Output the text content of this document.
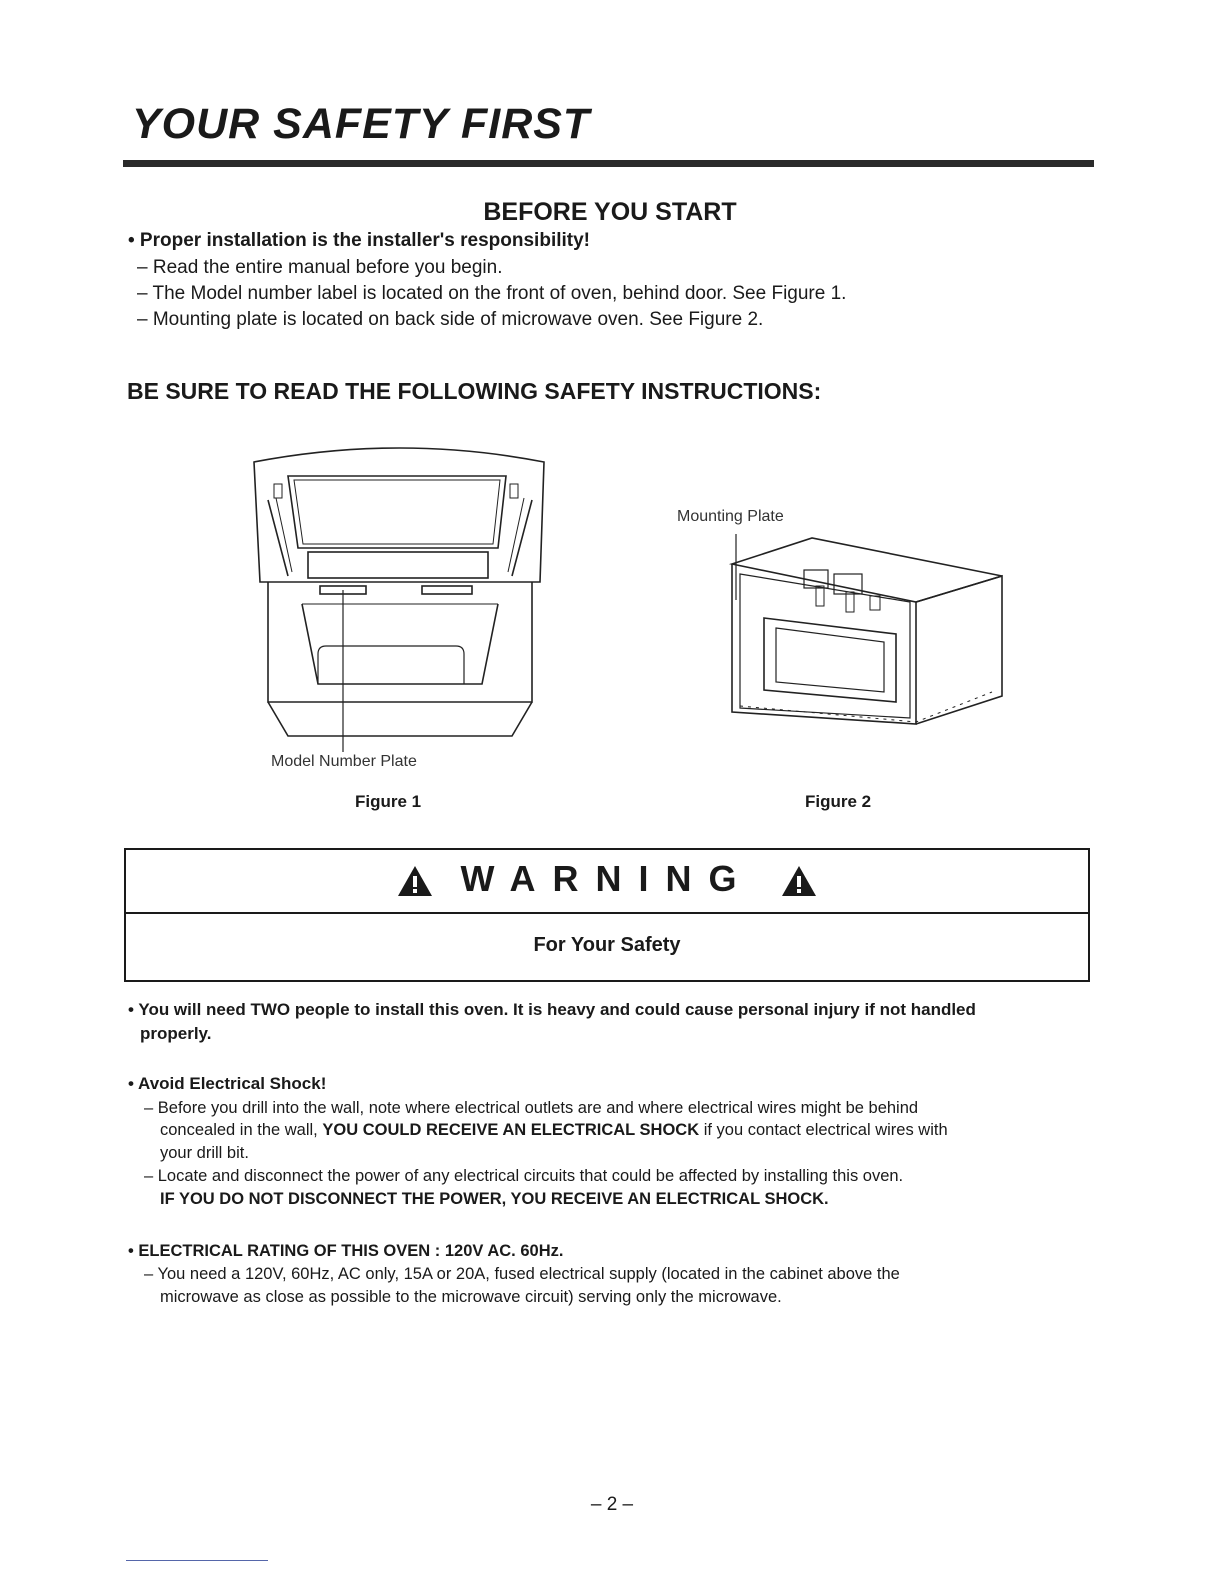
YOUR SAFETY FIRST
BEFORE YOU START
• Proper installation is the installer's responsibility!
– Read the entire manual before you begin.
– The Model number label is located on the front of oven, behind door. See Figure 1.
– Mounting plate is located on back side of microwave oven. See Figure 2.
BE SURE TO READ THE FOLLOWING SAFETY INSTRUCTIONS:
Model Number Plate
Figure 1
Mounting Plate
Figure 2
WARNING
For Your Safety
• You will need TWO people to install this oven. It is heavy and could cause personal injury if not handled
properly.
• Avoid Electrical Shock!
– Before you drill into the wall, note where electrical outlets are and where electrical wires might be behind
concealed in the wall, YOU COULD RECEIVE AN ELECTRICAL SHOCK if you contact electrical wires with
your drill bit.
– Locate and disconnect the power of any electrical circuits that could be affected by installing this oven.
IF YOU DO NOT DISCONNECT THE POWER, YOU RECEIVE AN ELECTRICAL SHOCK.
• ELECTRICAL RATING OF THIS OVEN : 120V AC. 60Hz.
– You need a 120V, 60Hz, AC only, 15A or 20A, fused electrical supply (located in the cabinet above the
microwave as close as possible to the microwave circuit) serving only the microwave.
– 2 –
